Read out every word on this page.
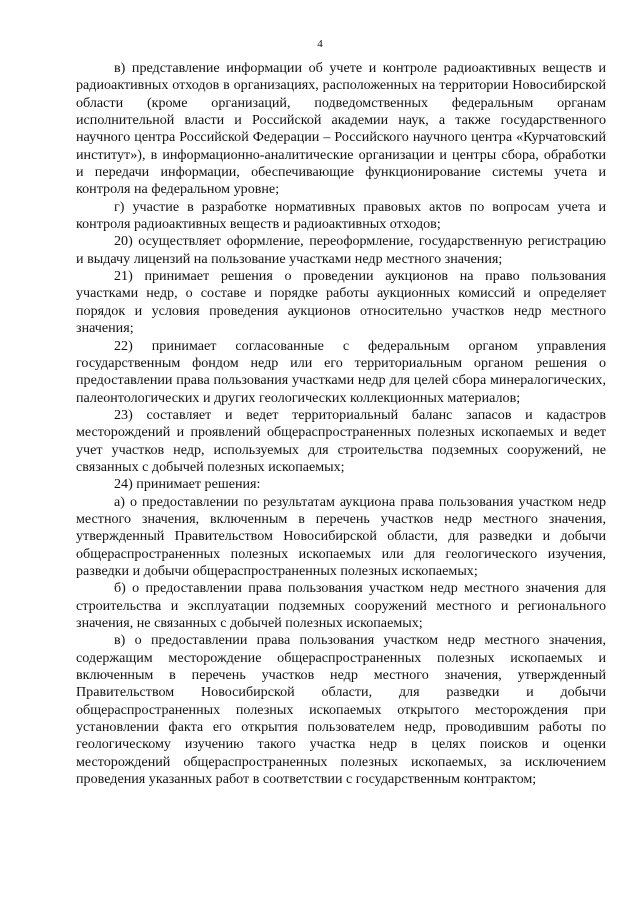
4

в) представление информации об учете и контроле радиоактивных веществ и радиоактивных отходов в организациях, расположенных на территории Новосибирской области (кроме организаций, подведомственных федеральным органам исполнительной власти и Российской академии наук, а также государственного научного центра Российской Федерации – Российского научного центра «Курчатовский институт»), в информационно-аналитические организации и центры сбора, обработки и передачи информации, обеспечивающие функционирование системы учета и контроля на федеральном уровне;

г) участие в разработке нормативных правовых актов по вопросам учета и контроля радиоактивных веществ и радиоактивных отходов;

20) осуществляет оформление, переоформление, государственную регистрацию и выдачу лицензий на пользование участками недр местного значения;

21) принимает решения о проведении аукционов на право пользования участками недр, о составе и порядке работы аукционных комиссий и определяет порядок и условия проведения аукционов относительно участков недр местного значения;

22) принимает согласованные с федеральным органом управления государственным фондом недр или его территориальным органом решения о предоставлении права пользования участками недр для целей сбора минералогических, палеонтологических и других геологических коллекционных материалов;

23) составляет и ведет территориальный баланс запасов и кадастров месторождений и проявлений общераспространенных полезных ископаемых и ведет учет участков недр, используемых для строительства подземных сооружений, не связанных с добычей полезных ископаемых;

24) принимает решения:

а) о предоставлении по результатам аукциона права пользования участком недр местного значения, включенным в перечень участков недр местного значения, утвержденный Правительством Новосибирской области, для разведки и добычи общераспространенных полезных ископаемых или для геологического изучения, разведки и добычи общераспространенных полезных ископаемых;

б) о предоставлении права пользования участком недр местного значения для строительства и эксплуатации подземных сооружений местного и регионального значения, не связанных с добычей полезных ископаемых;

в) о предоставлении права пользования участком недр местного значения, содержащим месторождение общераспространенных полезных ископаемых и включенным в перечень участков недр местного значения, утвержденный Правительством Новосибирской области, для разведки и добычи общераспространенных полезных ископаемых открытого месторождения при установлении факта его открытия пользователем недр, проводившим работы по геологическому изучению такого участка недр в целях поисков и оценки месторождений общераспространенных полезных ископаемых, за исключением проведения указанных работ в соответствии с государственным контрактом;
